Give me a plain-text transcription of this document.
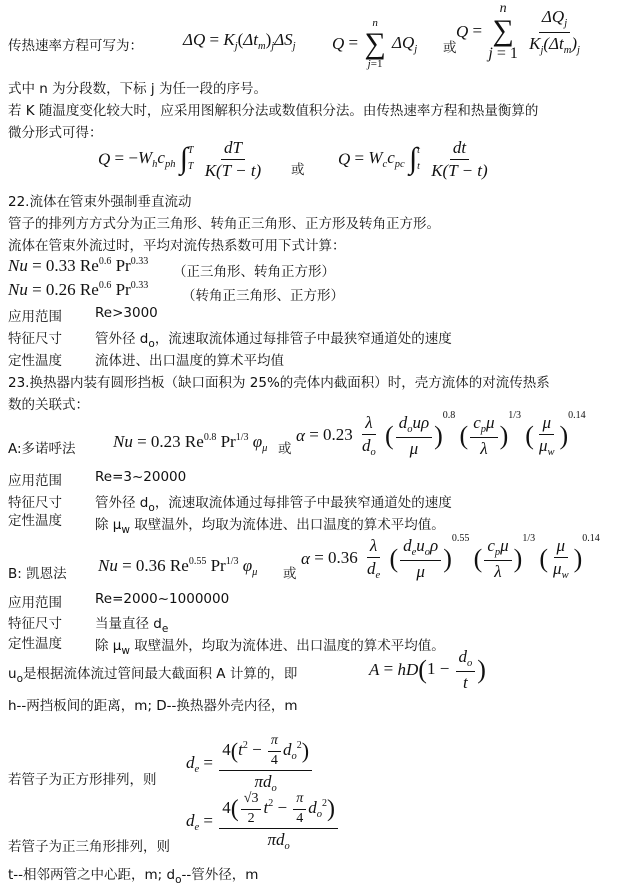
传热速率方程可写为： $\Delta Q = K_j(\Delta t_m)_j\Delta S_j$ Q =
n
∑
j=1
$\Delta Q_j$ 或
Q =
n
∑
j = 1
$\frac{\Delta Q_j}{K_j(\Delta t_m)_j}$
式中 n 为分段数，下标 j 为任一段的序号。
若 K 随温度变化较大时，应采用图解积分法或数值积分法。由传热速率方程和热量衡算的
微分形式可得：
$Q = -W_hc_{ph}$ ∫ T
T
$\frac{dT}{K(T - t)}$ 或
$Q = W_cc_{pc}$ ∫ t
t
$\frac{dt}{K(T - t)}$
22.流体在管束外强制垂直流动
管子的排列方方式分为正三角形、转角正三角形、正方形及转角正方形。
流体在管束外流过时，平均对流传热系数可用下式计算：
Nu = 0.33 $Re^{0.6}$ $Pr^{0.33}$
（正三角形、转角正方形）
Nu = 0.26 $Re^{0.6}$ $Pr^{0.33}$
（转角正三角形、正方形）
应用范围 Re>3000
特征尺寸 管外径 $d_o$，流速取流体通过每排管子中最狭窄通道处的速度
定性温度 流体进、出口温度的算术平均值
23.换热器内装有圆形挡板（缺口面积为 25%的壳体内截面积）时，壳方流体的对流传热系
数的关联式：
A:多诺呼法 Nu = 0.23 $Re^{0.8}$ $Pr^{1/3}$ $\varphi_\mu$ 或
$\alpha = 0.23 \frac{\lambda}{d_o}$ ( $\frac{d_ou\rho}{\mu} )^{0.8}$ ( $\frac{c_p\mu}{\lambda} )^{1/3}$ ( $\frac{\mu}{\mu_w} )^{0.14}$
应用范围 Re=3~20000
特征尺寸 管外径 $d_o$，流速取流体通过每排管子中最狭窄通道处的速度
定性温度 除 $\mu_w$ 取壁温外，均取为流体进、出口温度的算术平均值。
B: 凯恩法 Nu = 0.36 $Re^{0.55}$ $Pr^{1/3}$ $\varphi_\mu$ 或
$\alpha = 0.36 \frac{\lambda}{d_e}$ ( $\frac{d_eu_o\rho}{\mu} )^{0.55}$ ( $\frac{c_p\mu}{\lambda} )^{1/3}$ ( $\frac{\mu}{\mu_w} )^{0.14}$
应用范围 Re=2000~1000000
特征尺寸 当量直径 $d_e$
定性温度 除 $\mu_w$ 取壁温外，均取为流体进、出口温度的算术平均值。
$u_o$是根据流体流过管间最大截面积 A 计算的，即	$A = hD(1 - \frac{d_o}{t}$ )
h--两挡板间的距离，m; D--换热器外壳内径，m
若管子为正方形排列，则
$d_e = \frac{4(t^2 - \frac{\pi}{4} d_o^2)}{\pi d_o}$
若管子为正三角形排列，则
$d_e = \frac{4( \frac{√3}{2} t^2 - \frac{\pi}{4} d_o^2)}{\pi d_o}$
t--相邻两管之中心距，m; $d_o--$管外径，m
